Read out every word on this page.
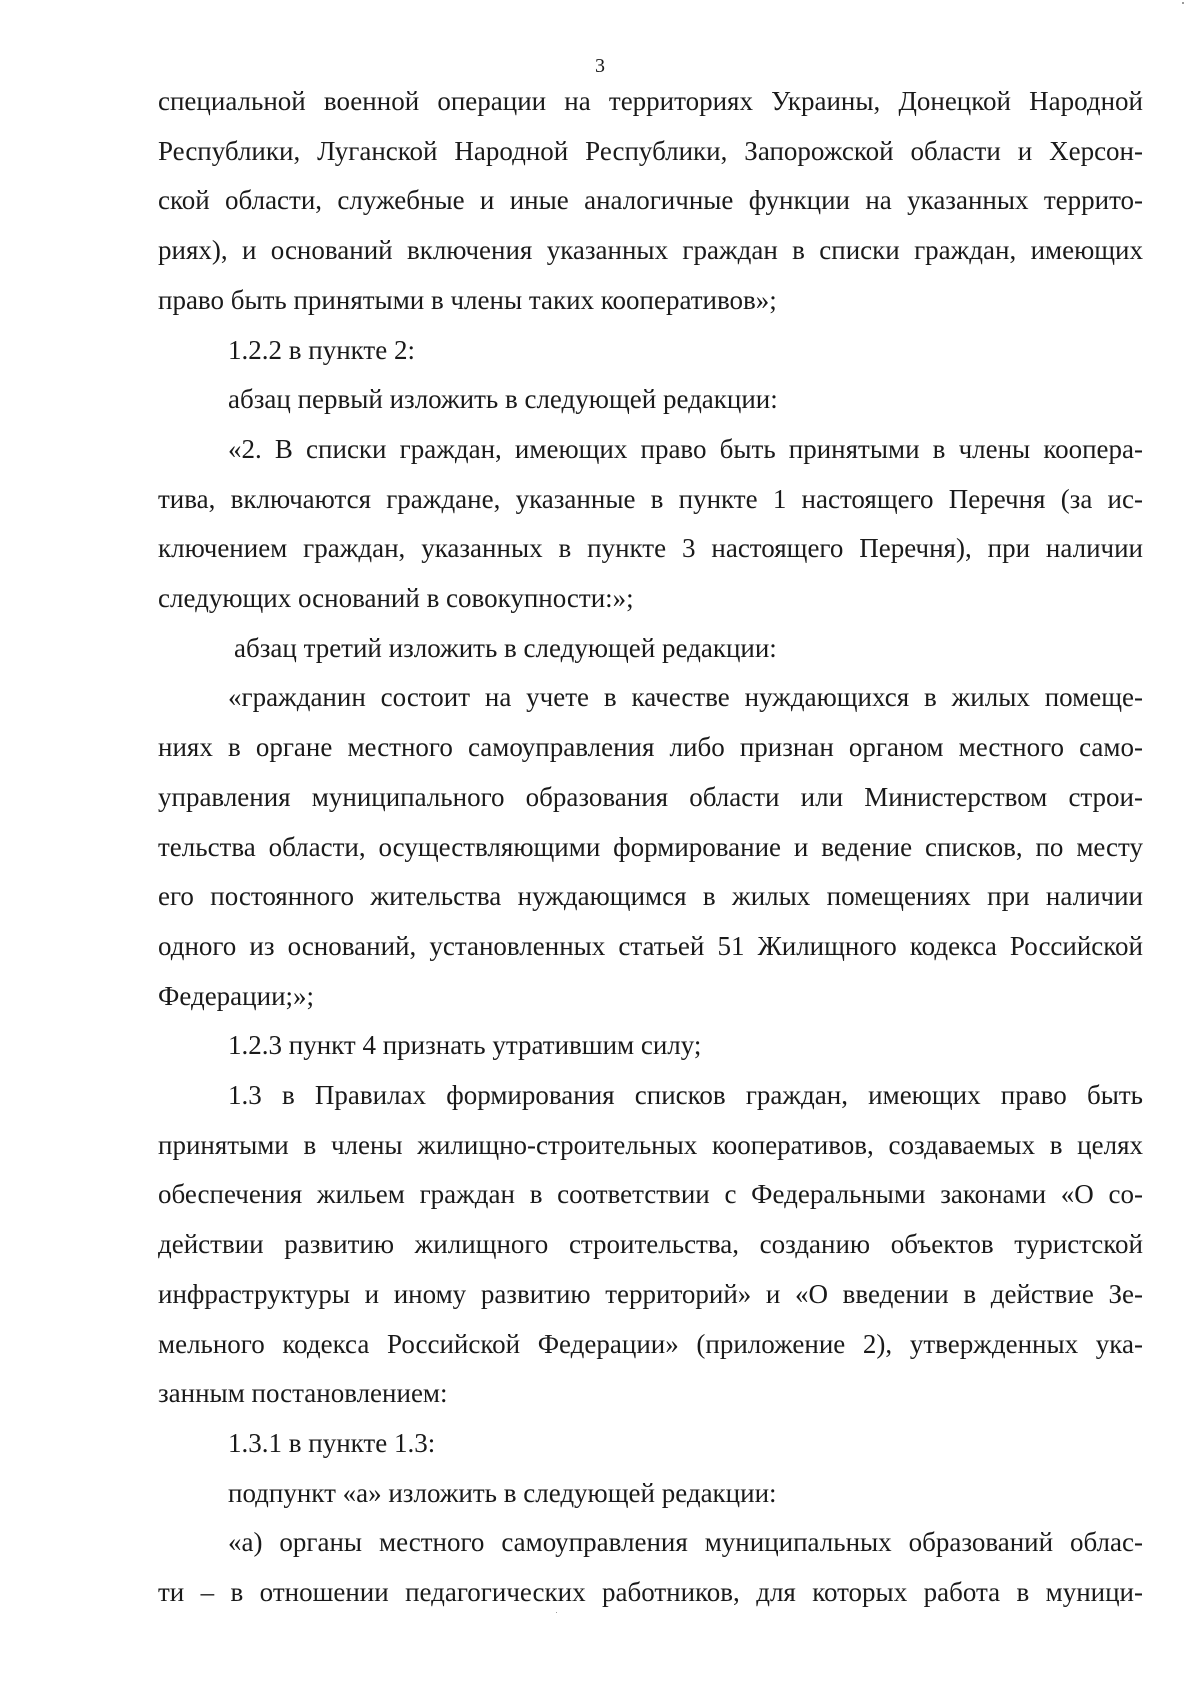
3

специальной военной операции на территориях Украины, Донецкой Народной
Республики, Луганской Народной Республики, Запорожской области и Херсон-
ской области, служебные и иные аналогичные функции на указанных террито-
риях), и оснований включения указанных граждан в списки граждан, имеющих
право быть принятыми в члены таких кооперативов»;

1.2.2 в пункте 2:

абзац первый изложить в следующей редакции:

«2. В списки граждан, имеющих право быть принятыми в члены коопера-
тива, включаются граждане, указанные в пункте 1 настоящего Перечня (за ис-
ключением граждан, указанных в пункте 3 настоящего Перечня), при наличии
следующих оснований в совокупности:»;

абзац третий изложить в следующей редакции:

«гражданин состоит на учете в качестве нуждающихся в жилых помеще-
ниях в органе местного самоуправления либо признан органом местного само-
управления муниципального образования области или Министерством строи-
тельства области, осуществляющими формирование и ведение списков, по месту
его постоянного жительства нуждающимся в жилых помещениях при наличии
одного из оснований, установленных статьей 51 Жилищного кодекса Российской
Федерации;»;

1.2.3 пункт 4 признать утратившим силу;

1.3 в Правилах формирования списков граждан, имеющих право быть
принятыми в члены жилищно-строительных кооперативов, создаваемых в целях
обеспечения жильем граждан в соответствии с Федеральными законами «О со-
действии развитию жилищного строительства, созданию объектов туристской
инфраструктуры и иному развитию территорий» и «О введении в действие Зе-
мельного кодекса Российской Федерации» (приложение 2), утвержденных ука-
занным постановлением:

1.3.1 в пункте 1.3:

подпункт «а» изложить в следующей редакции:

«а) органы местного самоуправления муниципальных образований облас-
ти – в отношении педагогических работников, для которых работа в муници-
